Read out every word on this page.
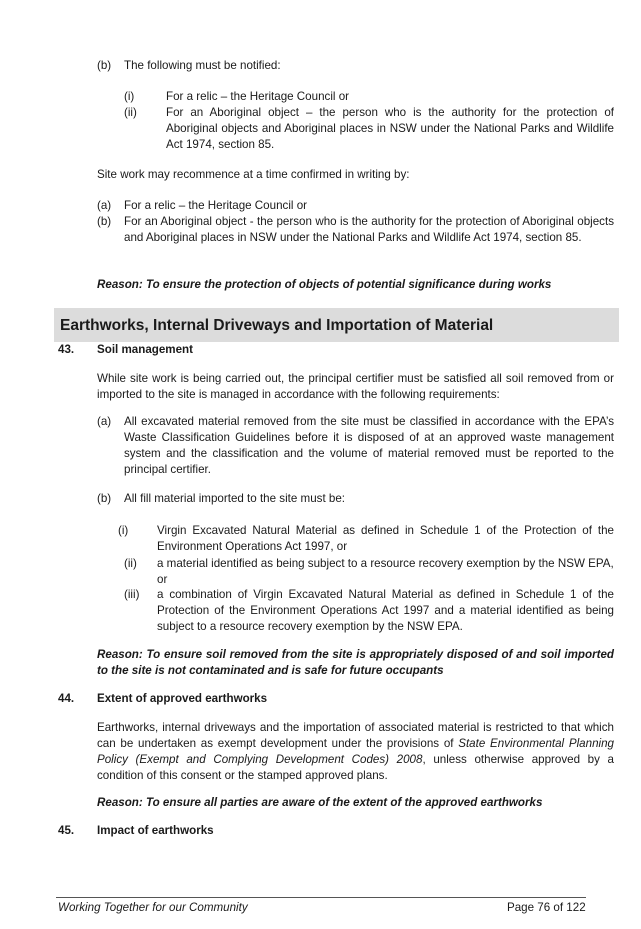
(b) The following must be notified:
(i)	For a relic – the Heritage Council or
(ii)	For an Aboriginal object – the person who is the authority for the protection of Aboriginal objects and Aboriginal places in NSW under the National Parks and Wildlife Act 1974, section 85.
Site work may recommence at a time confirmed in writing by:
(a) For a relic – the Heritage Council or
(b) For an Aboriginal object - the person who is the authority for the protection of Aboriginal objects and Aboriginal places in NSW under the National Parks and Wildlife Act 1974, section 85.
Reason: To ensure the protection of objects of potential significance during works
Earthworks, Internal Driveways and Importation of Material
43. Soil management
While site work is being carried out, the principal certifier must be satisfied all soil removed from or imported to the site is managed in accordance with the following requirements:
(a) All excavated material removed from the site must be classified in accordance with the EPA’s Waste Classification Guidelines before it is disposed of at an approved waste management system and the classification and the volume of material removed must be reported to the principal certifier.
(b) All fill material imported to the site must be:
(i) Virgin Excavated Natural Material as defined in Schedule 1 of the Protection of the Environment Operations Act 1997, or
(ii) a material identified as being subject to a resource recovery exemption by the NSW EPA, or
(iii) a combination of Virgin Excavated Natural Material as defined in Schedule 1 of the Protection of the Environment Operations Act 1997 and a material identified as being subject to a resource recovery exemption by the NSW EPA.
Reason: To ensure soil removed from the site is appropriately disposed of and soil imported to the site is not contaminated and is safe for future occupants
44. Extent of approved earthworks
Earthworks, internal driveways and the importation of associated material is restricted to that which can be undertaken as exempt development under the provisions of State Environmental Planning Policy (Exempt and Complying Development Codes) 2008, unless otherwise approved by a condition of this consent or the stamped approved plans.
Reason: To ensure all parties are aware of the extent of the approved earthworks
45. Impact of earthworks
Working Together for our Community	Page 76 of 122
